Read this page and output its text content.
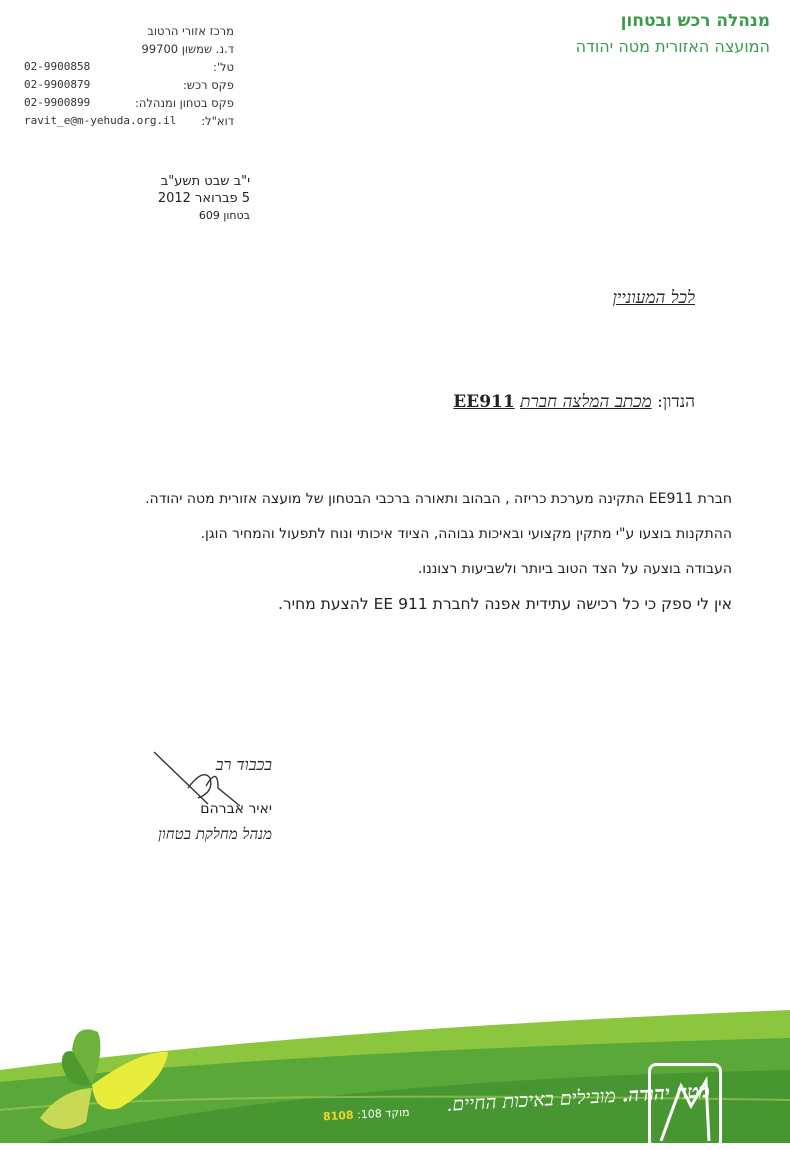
מנהלה רכש ובטחון
המועצה האזורית מטה יהודה
מרכז אזורי הרטוב
ד.נ. שמשון 99700
טל':
02-9900858
פקס רכש:
02-9900879
פקס בטחון ומנהלה:
02-9900899
דוא"ל:
ravit_e@m-yehuda.org.il
י"ב שבט תשע"ב
5 פברואר 2012
בטחון 609
לכל המעוניין
הנדון: מכתב המלצה חברת EE911

חברת EE911 התקינה מערכת כריזה , הבהוב ותאורה ברכבי הבטחון של מועצה אזורית מטה יהודה.

ההתקנות בוצעו ע"י מתקין מקצועי ובאיכות גבוהה, הציוד איכותי ונוח לתפעול והמחיר הוגן.

העבודה בוצעה על הצד הטוב ביותר ולשביעות רצוננו.

אין לי ספק כי כל רכישה עתידית אפנה לחברת EE 911 להצעת מחיר.

בכבוד רב
יאיר אברהם
מנהל מחלקת בטחון
מטה יהודה. מובילים באיכות החיים.
מוקד 108: 8108
